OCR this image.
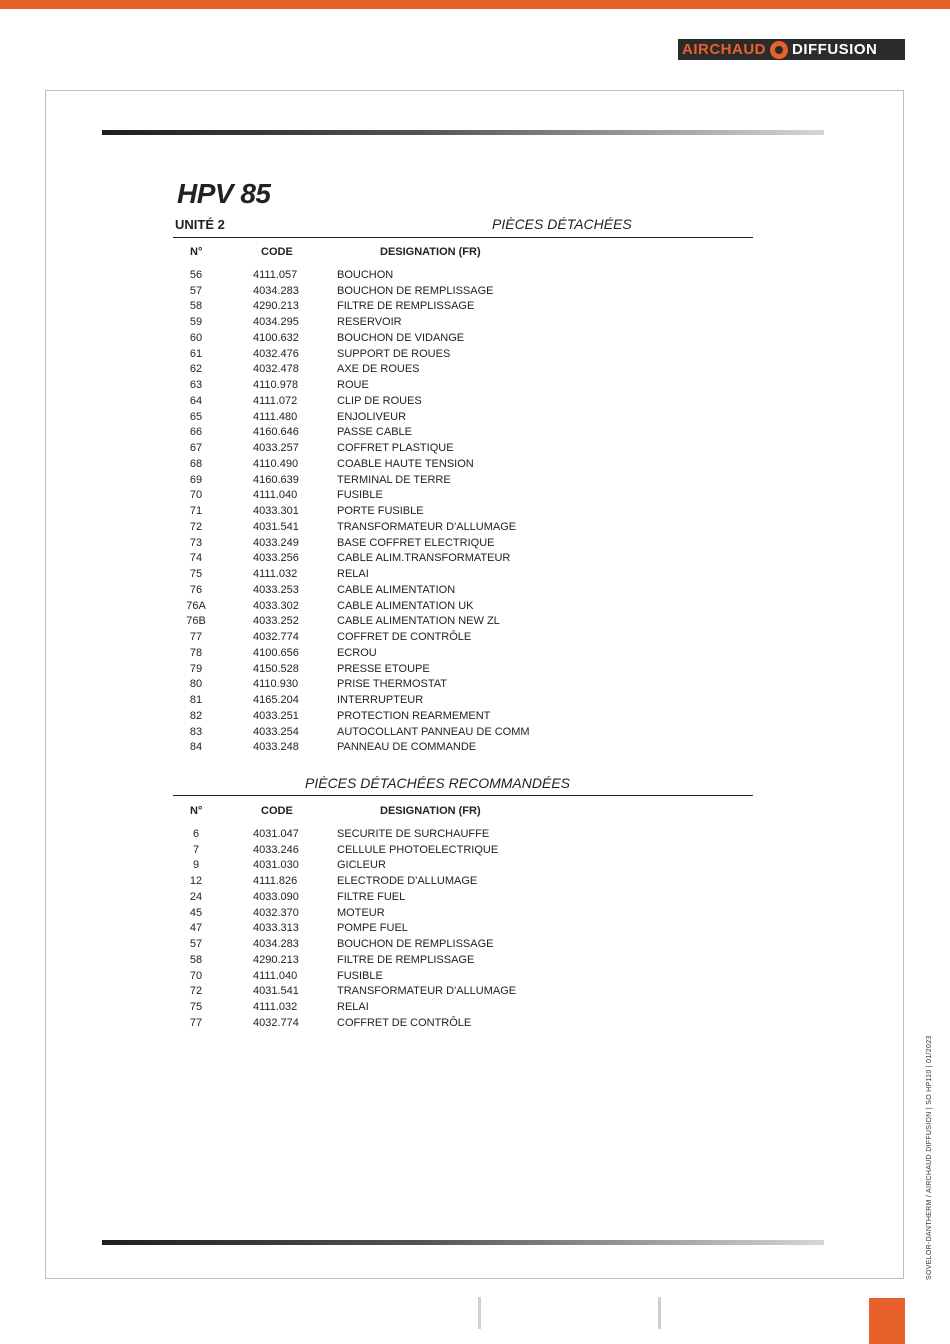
AIRCHAUD DIFFUSION
HPV 85
UNITÉ 2	PIÈCES DÉTACHÉES
N°	CODE	DESIGNATION (FR)
56	4111.057	BOUCHON
57	4034.283	BOUCHON DE REMPLISSAGE
58	4290.213	FILTRE DE REMPLISSAGE
59	4034.295	RESERVOIR
60	4100.632	BOUCHON DE VIDANGE
61	4032.476	SUPPORT DE ROUES
62	4032.478	AXE DE ROUES
63	4110.978	ROUE
64	4111.072	CLIP DE ROUES
65	4111.480	ENJOLIVEUR
66	4160.646	PASSE CABLE
67	4033.257	COFFRET PLASTIQUE
68	4110.490	COABLE HAUTE TENSION
69	4160.639	TERMINAL DE TERRE
70	4111.040	FUSIBLE
71	4033.301	PORTE FUSIBLE
72	4031.541	TRANSFORMATEUR D'ALLUMAGE
73	4033.249	BASE COFFRET ELECTRIQUE
74	4033.256	CABLE ALIM.TRANSFORMATEUR
75	4111.032	RELAI
76	4033.253	CABLE ALIMENTATION
76A	4033.302	CABLE ALIMENTATION UK
76B	4033.252	CABLE ALIMENTATION NEW ZL
77	4032.774	COFFRET DE CONTRÔLE
78	4100.656	ECROU
79	4150.528	PRESSE ETOUPE
80	4110.930	PRISE THERMOSTAT
81	4165.204	INTERRUPTEUR
82	4033.251	PROTECTION REARMEMENT
83	4033.254	AUTOCOLLANT PANNEAU DE COMM
84	4033.248	PANNEAU DE COMMANDE
PIÈCES DÉTACHÉES RECOMMANDÉES
N°	CODE	DESIGNATION (FR)
6	4031.047	SECURITE DE SURCHAUFFE
7	4033.246	CELLULE PHOTOELECTRIQUE
9	4031.030	GICLEUR
12	4111.826	ELECTRODE D'ALLUMAGE
24	4033.090	FILTRE FUEL
45	4032.370	MOTEUR
47	4033.313	POMPE FUEL
57	4034.283	BOUCHON DE REMPLISSAGE
58	4290.213	FILTRE DE REMPLISSAGE
70	4111.040	FUSIBLE
72	4031.541	TRANSFORMATEUR D'ALLUMAGE
75	4111.032	RELAI
77	4032.774	COFFRET DE CONTRÔLE
SOVELOR-DANTHERM / AIRCHAUD DIFFUSION | SO HP110 | 01/2023
